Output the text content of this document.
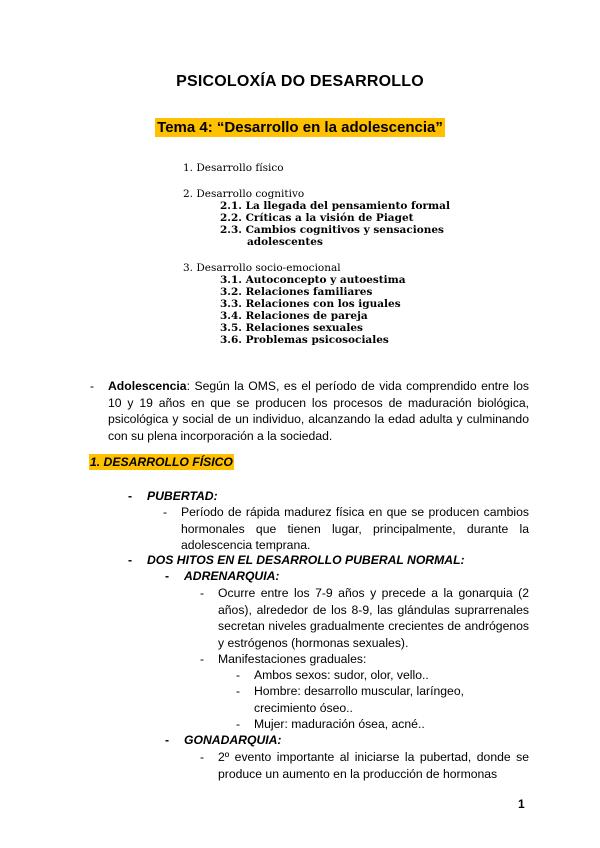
PSICOLOXÍA DO DESARROLLO
Tema 4: “Desarrollo en la adolescencia”
1. Desarrollo físico
2. Desarrollo cognitivo
2.1. La llegada del pensamiento formal
2.2. Críticas a la visión de Piaget
2.3. Cambios cognitivos y sensaciones
adolescentes
3. Desarrollo socio-emocional
3.1. Autoconcepto y autoestima
3.2. Relaciones familiares
3.3. Relaciones con los iguales
3.4. Relaciones de pareja
3.5. Relaciones sexuales
3.6. Problemas psicosociales
- Adolescencia: Según la OMS, es el período de vida comprendido entre los 10 y 19 años en que se producen los procesos de maduración biológica, psicológica y social de un individuo, alcanzando la edad adulta y culminando con su plena incorporación a la sociedad.
1. DESARROLLO FÍSICO
- PUBERTAD:
- Período de rápida madurez física en que se producen cambios hormonales que tienen lugar, principalmente, durante la adolescencia temprana.
- DOS HITOS EN EL DESARROLLO PUBERAL NORMAL:
- ADRENARQUIA:
- Ocurre entre los 7-9 años y precede a la gonarquia (2 años), alrededor de los 8-9, las glándulas suprarrenales secretan niveles gradualmente crecientes de andrógenos y estrógenos (hormonas sexuales).
- Manifestaciones graduales:
- Ambos sexos: sudor, olor, vello..
- Hombre: desarrollo muscular, laríngeo, crecimiento óseo..
- Mujer: maduración ósea, acné..
- GONADARQUIA:
- 2º evento importante al iniciarse la pubertad, donde se produce un aumento en la producción de hormonas
1
